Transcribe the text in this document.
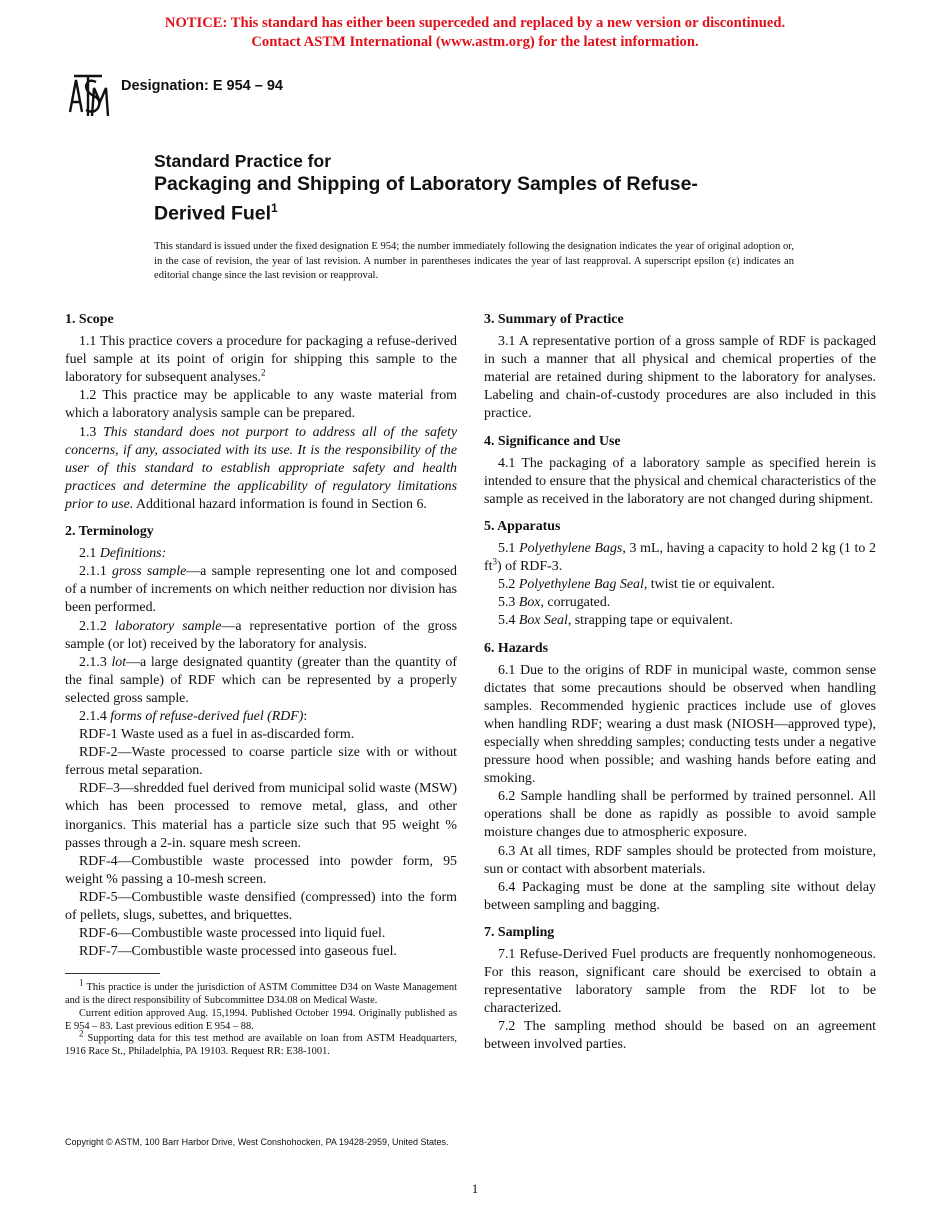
NOTICE: This standard has either been superceded and replaced by a new version or discontinued.
Contact ASTM International (www.astm.org) for the latest information.
Designation: E 954 – 94
Standard Practice for
Packaging and Shipping of Laboratory Samples of Refuse-
Derived Fuel$^1$
This standard is issued under the fixed designation E 954; the number immediately following the designation indicates the year of original adoption or, in the case of revision, the year of last revision. A number in parentheses indicates the year of last reapproval. A superscript epsilon (ε) indicates an editorial change since the last revision or reapproval.
1. Scope

1.1 This practice covers a procedure for packaging a refuse-derived fuel sample at its point of origin for shipping this sample to the laboratory for subsequent analyses.$^2$

1.2 This practice may be applicable to any waste material from which a laboratory analysis sample can be prepared.

1.3 This standard does not purport to address all of the safety concerns, if any, associated with its use. It is the responsibility of the user of this standard to establish appropriate safety and health practices and determine the applicability of regulatory limitations prior to use. Additional hazard information is found in Section 6.

2. Terminology

2.1 Definitions:

2.1.1 gross sample—a sample representing one lot and composed of a number of increments on which neither reduction nor division has been performed.

2.1.2 laboratory sample—a representative portion of the gross sample (or lot) received by the laboratory for analysis.

2.1.3 lot—a large designated quantity (greater than the quantity of the final sample) of RDF which can be represented by a properly selected gross sample.

2.1.4 forms of refuse-derived fuel (RDF):

RDF-1 Waste used as a fuel in as-discarded form.

RDF-2—Waste processed to coarse particle size with or without ferrous metal separation.

RDF–3—shredded fuel derived from municipal solid waste (MSW) which has been processed to remove metal, glass, and other inorganics. This material has a particle size such that 95 weight % passes through a 2-in. square mesh screen.

RDF-4—Combustible waste processed into powder form, 95 weight % passing a 10-mesh screen.

RDF-5—Combustible waste densified (compressed) into the form of pellets, slugs, subettes, and briquettes.

RDF-6—Combustible waste processed into liquid fuel.

RDF-7—Combustible waste processed into gaseous fuel.

$^1$ This practice is under the jurisdiction of ASTM Committee D34 on Waste Management and is the direct responsibility of Subcommittee D34.08 on Medical Waste.

Current edition approved Aug. 15,1994. Published October 1994. Originally published as E 954 – 83. Last previous edition E 954 – 88.

$^2$ Supporting data for this test method are available on loan from ASTM Headquarters, 1916 Race St., Philadelphia, PA 19103. Request RR: E38-1001.

3. Summary of Practice

3.1 A representative portion of a gross sample of RDF is packaged in such a manner that all physical and chemical properties of the material are retained during shipment to the laboratory for analyses. Labeling and chain-of-custody procedures are also included in this practice.

4. Significance and Use

4.1 The packaging of a laboratory sample as specified herein is intended to ensure that the physical and chemical characteristics of the sample as received in the laboratory are not changed during shipment.

5. Apparatus

5.1 Polyethylene Bags, 3 mL, having a capacity to hold 2 kg (1 to 2 $ft^3$) of RDF-3.

5.2 Polyethylene Bag Seal, twist tie or equivalent.

5.3 Box, corrugated.

5.4 Box Seal, strapping tape or equivalent.

6. Hazards

6.1 Due to the origins of RDF in municipal waste, common sense dictates that some precautions should be observed when handling samples. Recommended hygienic practices include use of gloves when handling RDF; wearing a dust mask (NIOSH—approved type), especially when shredding samples; conducting tests under a negative pressure hood when possible; and washing hands before eating and smoking.

6.2 Sample handling shall be performed by trained personnel. All operations shall be done as rapidly as possible to avoid sample moisture changes due to atmospheric exposure.

6.3 At all times, RDF samples should be protected from moisture, sun or contact with absorbent materials.

6.4 Packaging must be done at the sampling site without delay between sampling and bagging.

7. Sampling

7.1 Refuse-Derived Fuel products are frequently nonhomogeneous. For this reason, significant care should be exercised to obtain a representative laboratory sample from the RDF lot to be characterized.

7.2 The sampling method should be based on an agreement between involved parties.

Copyright © ASTM, 100 Barr Harbor Drive, West Conshohocken, PA 19428-2959, United States.
1
